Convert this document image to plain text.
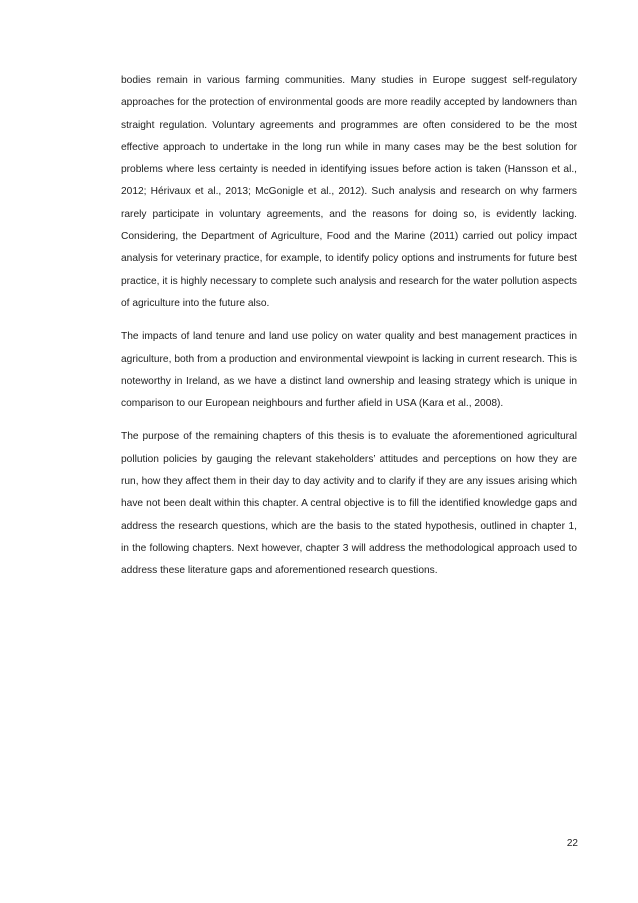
bodies remain in various farming communities. Many studies in Europe suggest self-regulatory approaches for the protection of environmental goods are more readily accepted by landowners than straight regulation. Voluntary agreements and programmes are often considered to be the most effective approach to undertake in the long run while in many cases may be the best solution for problems where less certainty is needed in identifying issues before action is taken (Hansson et al., 2012; Hérivaux et al., 2013; McGonigle et al., 2012). Such analysis and research on why farmers rarely participate in voluntary agreements, and the reasons for doing so, is evidently lacking. Considering, the Department of Agriculture, Food and the Marine (2011) carried out policy impact analysis for veterinary practice, for example, to identify policy options and instruments for future best practice, it is highly necessary to complete such analysis and research for the water pollution aspects of agriculture into the future also.

The impacts of land tenure and land use policy on water quality and best management practices in agriculture, both from a production and environmental viewpoint is lacking in current research. This is noteworthy in Ireland, as we have a distinct land ownership and leasing strategy which is unique in comparison to our European neighbours and further afield in USA (Kara et al., 2008).

The purpose of the remaining chapters of this thesis is to evaluate the aforementioned agricultural pollution policies by gauging the relevant stakeholders’ attitudes and perceptions on how they are run, how they affect them in their day to day activity and to clarify if they are any issues arising which have not been dealt within this chapter. A central objective is to fill the identified knowledge gaps and address the research questions, which are the basis to the stated hypothesis, outlined in chapter 1, in the following chapters. Next however, chapter 3 will address the methodological approach used to address these literature gaps and aforementioned research questions.

22
